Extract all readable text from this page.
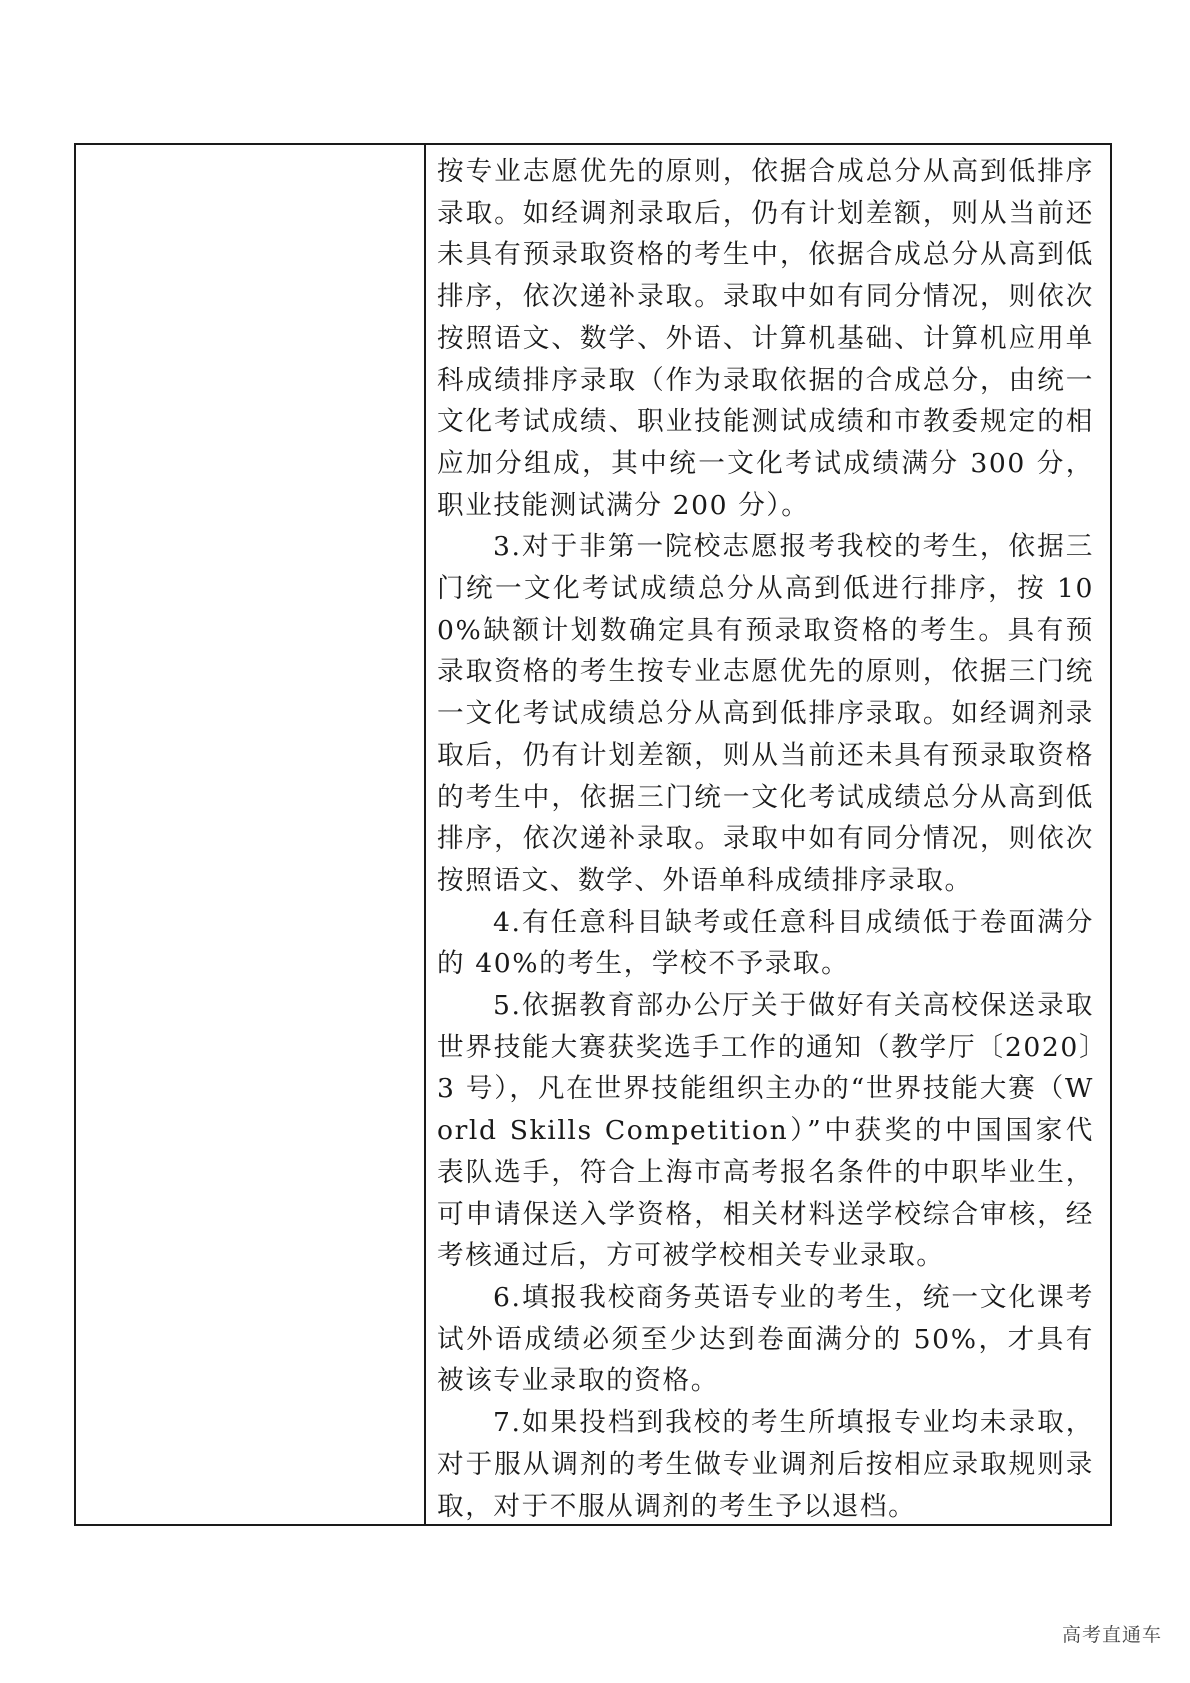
按专业志愿优先的原则，依据合成总分从高到低排序录取。如经调剂录取后，仍有计划差额，则从当前还未具有预录取资格的考生中，依据合成总分从高到低排序，依次递补录取。录取中如有同分情况，则依次按照语文、数学、外语、计算机基础、计算机应用单科成绩排序录取（作为录取依据的合成总分，由统一文化考试成绩、职业技能测试成绩和市教委规定的相应加分组成，其中统一文化考试成绩满分 300 分，职业技能测试满分 200 分）。

3.对于非第一院校志愿报考我校的考生，依据三门统一文化考试成绩总分从高到低进行排序，按 100%缺额计划数确定具有预录取资格的考生。具有预录取资格的考生按专业志愿优先的原则，依据三门统一文化考试成绩总分从高到低排序录取。如经调剂录取后，仍有计划差额，则从当前还未具有预录取资格的考生中，依据三门统一文化考试成绩总分从高到低排序，依次递补录取。录取中如有同分情况，则依次按照语文、数学、外语单科成绩排序录取。

4.有任意科目缺考或任意科目成绩低于卷面满分的 40%的考生，学校不予录取。

5.依据教育部办公厅关于做好有关高校保送录取世界技能大赛获奖选手工作的通知（教学厅〔2020〕3 号），凡在世界技能组织主办的“世界技能大赛（World Skills Competition）”中获奖的中国国家代表队选手，符合上海市高考报名条件的中职毕业生，可申请保送入学资格，相关材料送学校综合审核，经考核通过后，方可被学校相关专业录取。

6.填报我校商务英语专业的考生，统一文化课考试外语成绩必须至少达到卷面满分的 50%，才具有被该专业录取的资格。

7.如果投档到我校的考生所填报专业均未录取，对于服从调剂的考生做专业调剂后按相应录取规则录取，对于不服从调剂的考生予以退档。

高考直通车
